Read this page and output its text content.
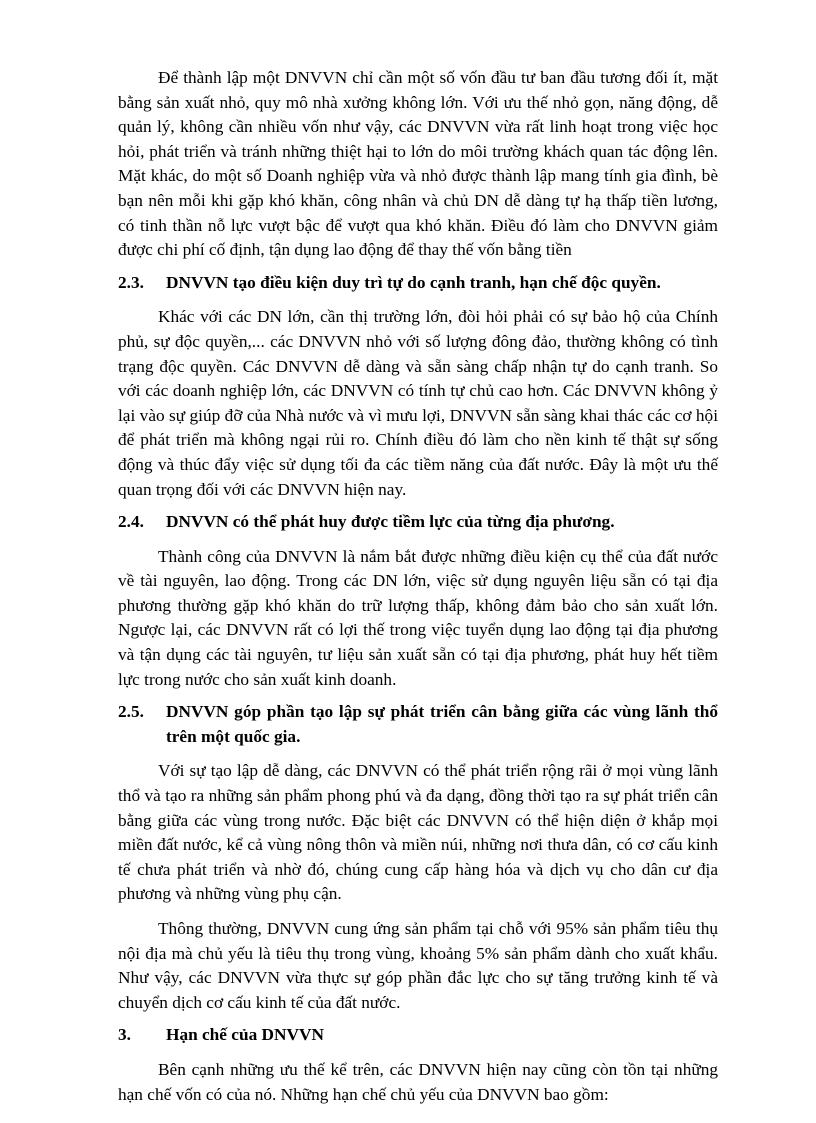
Để thành lập một DNVVN chỉ cần một số vốn đầu tư ban đầu tương đối ít, mặt bằng sản xuất nhỏ, quy mô nhà xưởng không lớn. Với ưu thế nhỏ gọn, năng động, dễ quản lý, không cần nhiều vốn như vậy, các DNVVN vừa rất linh hoạt trong việc học hỏi, phát triển và tránh những thiệt hại to lớn do môi trường khách quan tác động lên. Mặt khác, do một số Doanh nghiệp vừa và nhỏ được thành lập mang tính gia đình, bè bạn nên mỗi khi gặp khó khăn, công nhân và chủ DN dễ dàng tự hạ thấp tiền lương, có tinh thần nỗ lực vượt bậc để vượt qua khó khăn. Điều đó làm cho DNVVN giảm được chi phí cố định, tận dụng lao động để thay thế vốn bằng tiền

2.3.	DNVVN tạo điều kiện duy trì tự do cạnh tranh, hạn chế độc quyền.

Khác với các DN lớn, cần thị trường lớn, đòi hỏi phải có sự bảo hộ của Chính phủ, sự độc quyền,... các DNVVN nhỏ với số lượng đông đảo, thường không có tình trạng độc quyền. Các DNVVN dễ dàng và sẵn sàng chấp nhận tự do cạnh tranh. So với các doanh nghiệp lớn, các DNVVN có tính tự chủ cao hơn. Các DNVVN không ỷ lại vào sự giúp đỡ của Nhà nước và vì mưu lợi, DNVVN sẵn sàng khai thác các cơ hội để phát triển mà không ngại rủi ro. Chính điều đó làm cho nền kinh tế thật sự sống động và thúc đẩy việc sử dụng tối đa các tiềm năng của đất nước. Đây là một ưu thế quan trọng đối với các DNVVN hiện nay.

2.4.	DNVVN có thể phát huy được tiềm lực của từng địa phương.

Thành công của DNVVN là nắm bắt được những điều kiện cụ thể của đất nước về tài nguyên, lao động. Trong các DN lớn, việc sử dụng nguyên liệu sẵn có tại địa phương thường gặp khó khăn do trữ lượng thấp, không đảm bảo cho sản xuất lớn. Ngược lại, các DNVVN rất có lợi thế trong việc tuyển dụng lao động tại địa phương và tận dụng các tài nguyên, tư liệu sản xuất sẵn có tại địa phương, phát huy hết tiềm lực trong nước cho sản xuất kinh doanh.

2.5.	DNVVN góp phần tạo lập sự phát triển cân bằng giữa các vùng lãnh thổ trên một quốc gia.

Với sự tạo lập dễ dàng, các DNVVN có thể phát triển rộng rãi ở mọi vùng lãnh thổ và tạo ra những sản phẩm phong phú và đa dạng, đồng thời tạo ra sự phát triển cân bằng giữa các vùng trong nước. Đặc biệt các DNVVN có thể hiện diện ở khắp mọi miền đất nước, kể cả vùng nông thôn và miền núi, những nơi thưa dân, có cơ cấu kinh tế chưa phát triển và nhờ đó, chúng cung cấp hàng hóa và dịch vụ cho dân cư địa phương và những vùng phụ cận.

Thông thường, DNVVN cung ứng sản phẩm tại chỗ với 95% sản phẩm tiêu thụ nội địa mà chủ yếu là tiêu thụ trong vùng, khoảng 5% sản phẩm dành cho xuất khẩu. Như vậy, các DNVVN vừa thực sự góp phần đắc lực cho sự tăng trưởng kinh tế và chuyển dịch cơ cấu kinh tế của đất nước.

3.	Hạn chế của DNVVN

Bên cạnh những ưu thế kể trên, các DNVVN hiện nay cũng còn tồn tại những hạn chế vốn có của nó. Những hạn chế chủ yếu của DNVVN bao gồm:
